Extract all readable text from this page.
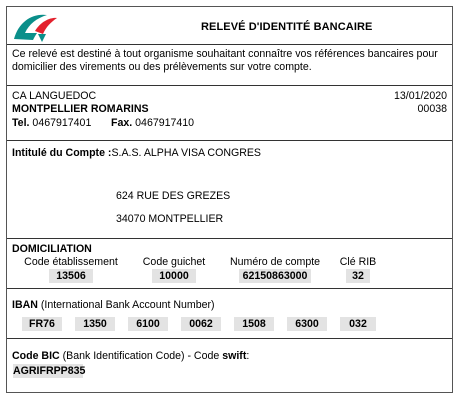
RELEVÉ D'IDENTITÉ BANCAIRE
Ce relevé est destiné à tout organisme souhaitant connaître vos références bancaires pour domicilier des virements ou des prélèvements sur votre compte.
CA LANGUEDOC	13/01/2020
MONTPELLIER ROMARINS	00038
Tel. 0467917401 Fax. 0467917410
Intitulé du Compte :S.A.S. ALPHA VISA CONGRES
624 RUE DES GREZES
34070 MONTPELLIER
DOMICILIATION
Code établissement	Code guichet	Numéro de compte	Clé RIB
13506	10000	62150863000	32
IBAN (International Bank Account Number)
FR76	1350	6100	0062	1508	6300	032
Code BIC (Bank Identification Code) - Code swift:
AGRIFRPP835
